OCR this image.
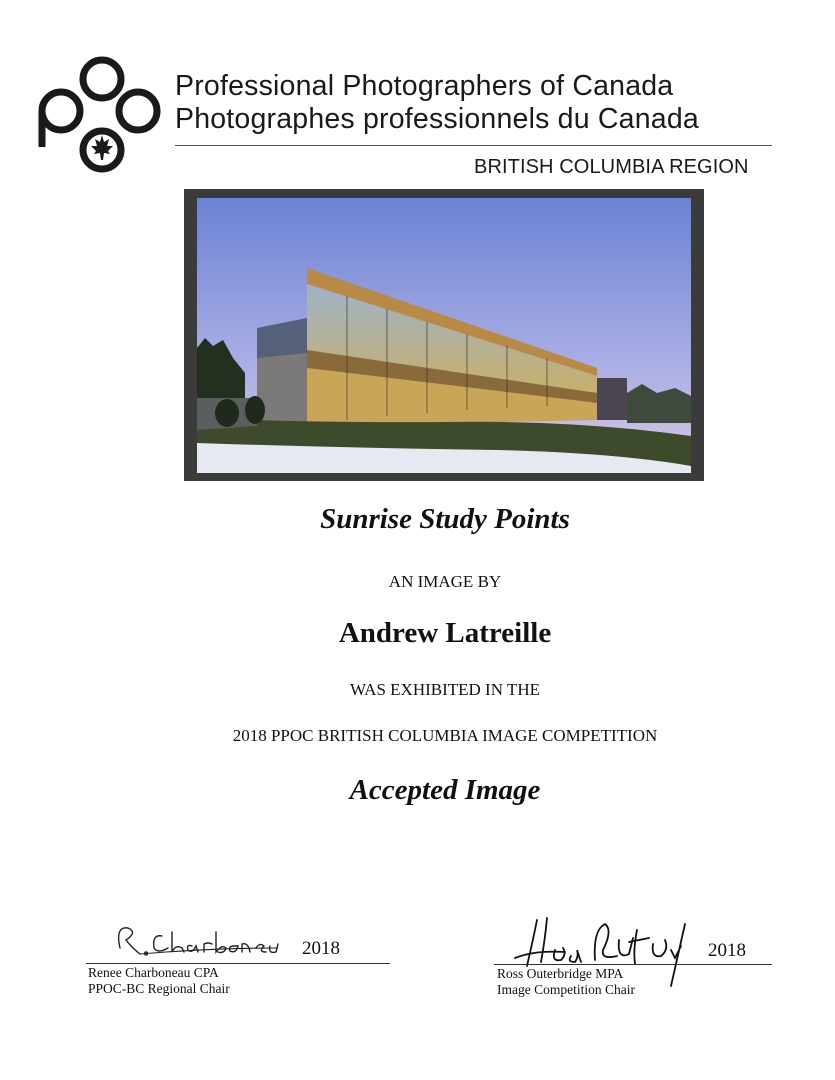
Professional Photographers of Canada
Photographes professionnels du Canada
BRITISH COLUMBIA REGION
Sunrise Study Points
AN IMAGE BY
Andrew Latreille
WAS EXHIBITED IN THE
2018 PPOC BRITISH COLUMBIA IMAGE COMPETITION
Accepted Image
2018
Renee Charboneau CPA
PPOC-BC Regional Chair
2018
Ross Outerbridge MPA
Image Competition Chair
